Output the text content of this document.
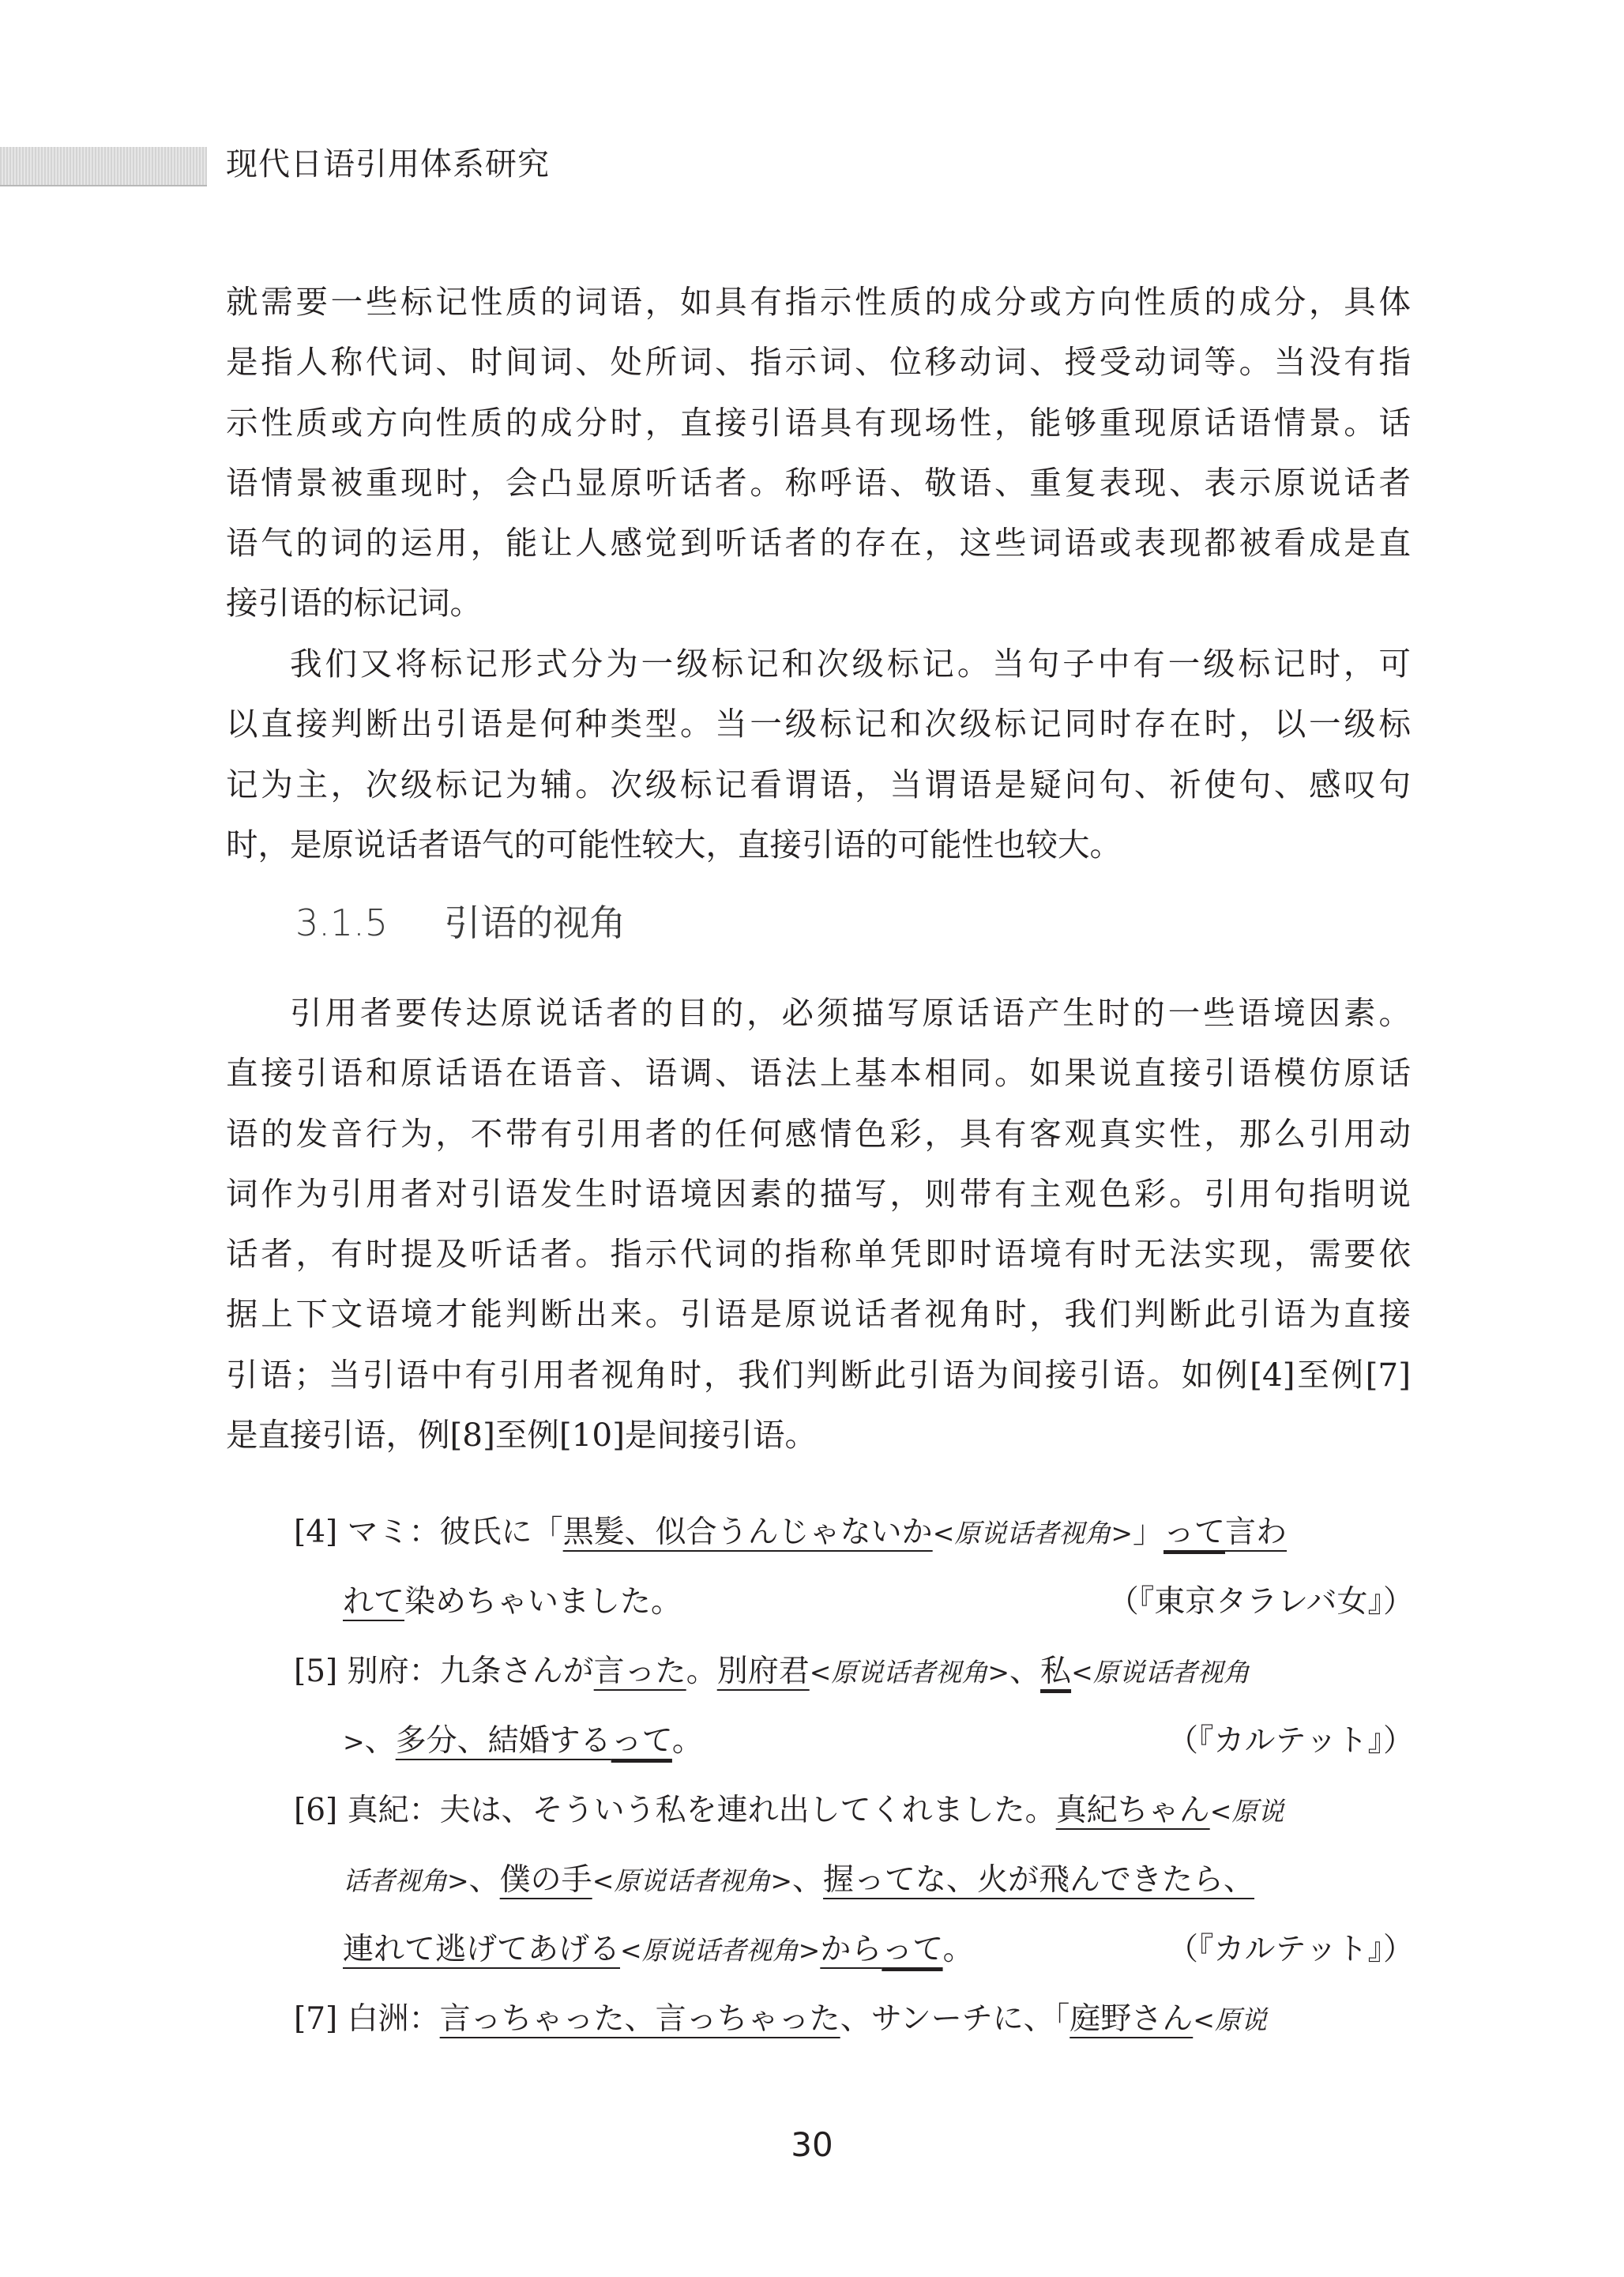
现代日语引用体系研究
就需要一些标记性质的词语，如具有指示性质的成分或方向性质的成分，具体
是指人称代词、时间词、处所词、指示词、位移动词、授受动词等。当没有指
示性质或方向性质的成分时，直接引语具有现场性，能够重现原话语情景。话
语情景被重现时，会凸显原听话者。称呼语、敬语、重复表现、表示原说话者
语气的词的运用，能让人感觉到听话者的存在，这些词语或表现都被看成是直
接引语的标记词。
我们又将标记形式分为一级标记和次级标记。当句子中有一级标记时，可
以直接判断出引语是何种类型。当一级标记和次级标记同时存在时，以一级标
记为主，次级标记为辅。次级标记看谓语，当谓语是疑问句、祈使句、感叹句
时，是原说话者语气的可能性较大，直接引语的可能性也较大。
3.1.5 引语的视角
引用者要传达原说话者的目的，必须描写原话语产生时的一些语境因素。
直接引语和原话语在语音、语调、语法上基本相同。如果说直接引语模仿原话
语的发音行为，不带有引用者的任何感情色彩，具有客观真实性，那么引用动
词作为引用者对引语发生时语境因素的描写，则带有主观色彩。引用句指明说
话者，有时提及听话者。指示代词的指称单凭即时语境有时无法实现，需要依
据上下文语境才能判断出来。引语是原说话者视角时，我们判断此引语为直接
引语；当引语中有引用者视角时，我们判断此引语为间接引语。如例[4]至例[7]
是直接引语，例[8]至例[10]是间接引语。
[4] マミ：彼氏に「黒髪、似合うんじゃないか<原说话者视角>」って言わ
れて染めちゃいました。	（『東京タラレバ女』）
[5] 别府：九条さんが言った。別府君<原说话者视角>、私<原说话者视角
>、多分、結婚するって。	（『カルテット』）
[6] 真紀：夫は、そういう私を連れ出してくれました。真紀ちゃん<原说
话者视角>、僕の手<原说话者视角>、握ってな、火が飛んできたら、
連れて逃げてあげる<原说话者视角>からって。	（『カルテット』）
[7] 白洲：言っちゃった、言っちゃった、サンーチに、「庭野さん<原说
30
